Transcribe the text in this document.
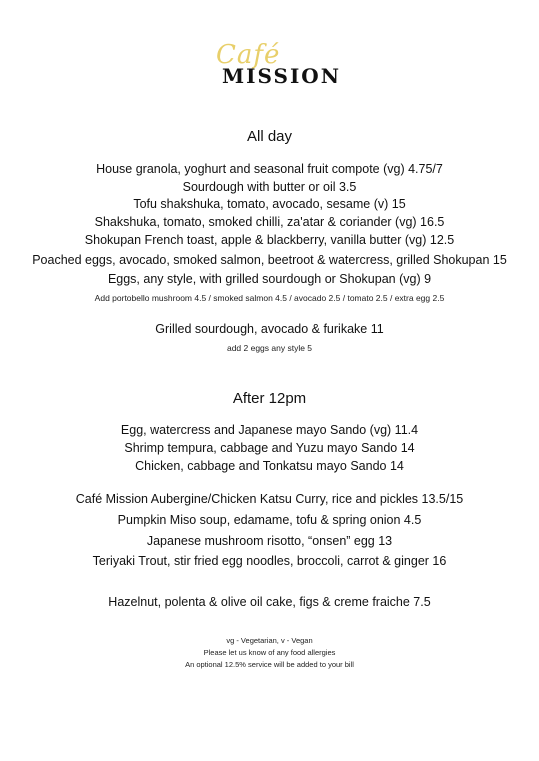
Café
MISSION
All day
House granola, yoghurt and seasonal fruit compote (vg) 4.75/7
Sourdough with butter or oil 3.5
Tofu shakshuka, tomato, avocado, sesame (v) 15
Shakshuka, tomato, smoked chilli, za'atar & coriander (vg) 16.5
Shokupan French toast, apple & blackberry, vanilla butter (vg) 12.5
Poached eggs, avocado, smoked salmon, beetroot & watercress, grilled Shokupan 15
Eggs, any style, with grilled sourdough or Shokupan (vg) 9
Add portobello mushroom 4.5 / smoked salmon 4.5 / avocado 2.5 / tomato 2.5 / extra egg 2.5
Grilled sourdough, avocado & furikake 11
add 2 eggs any style 5
After 12pm
Egg, watercress and Japanese mayo Sando (vg) 11.4
Shrimp tempura, cabbage and Yuzu mayo Sando 14
Chicken, cabbage and Tonkatsu mayo Sando 14
Café Mission Aubergine/Chicken Katsu Curry, rice and pickles 13.5/15
Pumpkin Miso soup, edamame, tofu & spring onion 4.5
Japanese mushroom risotto, “onsen” egg 13
Teriyaki Trout, stir fried egg noodles, broccoli, carrot & ginger 16
Hazelnut, polenta & olive oil cake, figs & creme fraiche 7.5
vg - Vegetarian, v - Vegan
Please let us know of any food allergies
An optional 12.5% service will be added to your bill
